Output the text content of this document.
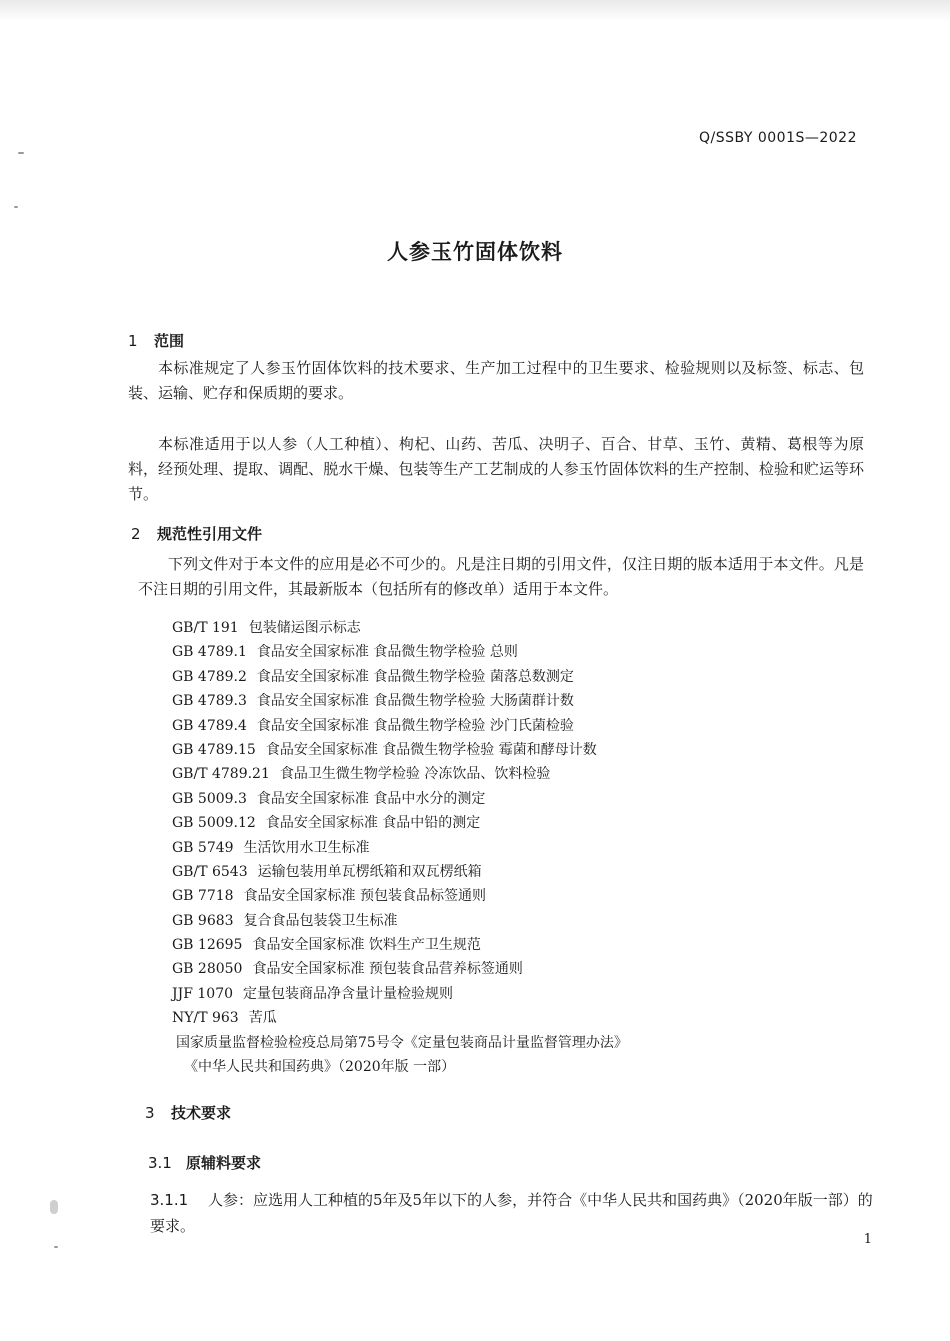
Q/SSBY 0001S—2022
人参玉竹固体饮料
1 范围
本标准规定了人参玉竹固体饮料的技术要求、生产加工过程中的卫生要求、检验规则以及标签、标志、包装、运输、贮存和保质期的要求。
本标准适用于以人参（人工种植）、枸杞、山药、苦瓜、决明子、百合、甘草、玉竹、黄精、葛根等为原料，经预处理、提取、调配、脱水干燥、包装等生产工艺制成的人参玉竹固体饮料的生产控制、检验和贮运等环节。
2 规范性引用文件
下列文件对于本文件的应用是必不可少的。凡是注日期的引用文件，仅注日期的版本适用于本文件。凡是不注日期的引用文件，其最新版本（包括所有的修改单）适用于本文件。
GB/T 191 包装储运图示标志
GB 4789.1 食品安全国家标准 食品微生物学检验 总则
GB 4789.2 食品安全国家标准 食品微生物学检验 菌落总数测定
GB 4789.3 食品安全国家标准 食品微生物学检验 大肠菌群计数
GB 4789.4 食品安全国家标准 食品微生物学检验 沙门氏菌检验
GB 4789.15 食品安全国家标准 食品微生物学检验 霉菌和酵母计数
GB/T 4789.21 食品卫生微生物学检验 冷冻饮品、饮料检验
GB 5009.3 食品安全国家标准 食品中水分的测定
GB 5009.12 食品安全国家标准 食品中铅的测定
GB 5749 生活饮用水卫生标准
GB/T 6543 运输包装用单瓦楞纸箱和双瓦楞纸箱
GB 7718 食品安全国家标准 预包装食品标签通则
GB 9683 复合食品包装袋卫生标准
GB 12695 食品安全国家标准 饮料生产卫生规范
GB 28050 食品安全国家标准 预包装食品营养标签通则
JJF 1070 定量包装商品净含量计量检验规则
NY/T 963 苦瓜
国家质量监督检验检疫总局第75号令《定量包装商品计量监督管理办法》
《中华人民共和国药典》（2020年版 一部）
3 技术要求
3.1 原辅料要求
3.1.1 人参：应选用人工种植的5年及5年以下的人参，并符合《中华人民共和国药典》（2020年版一部）的要求。
1
